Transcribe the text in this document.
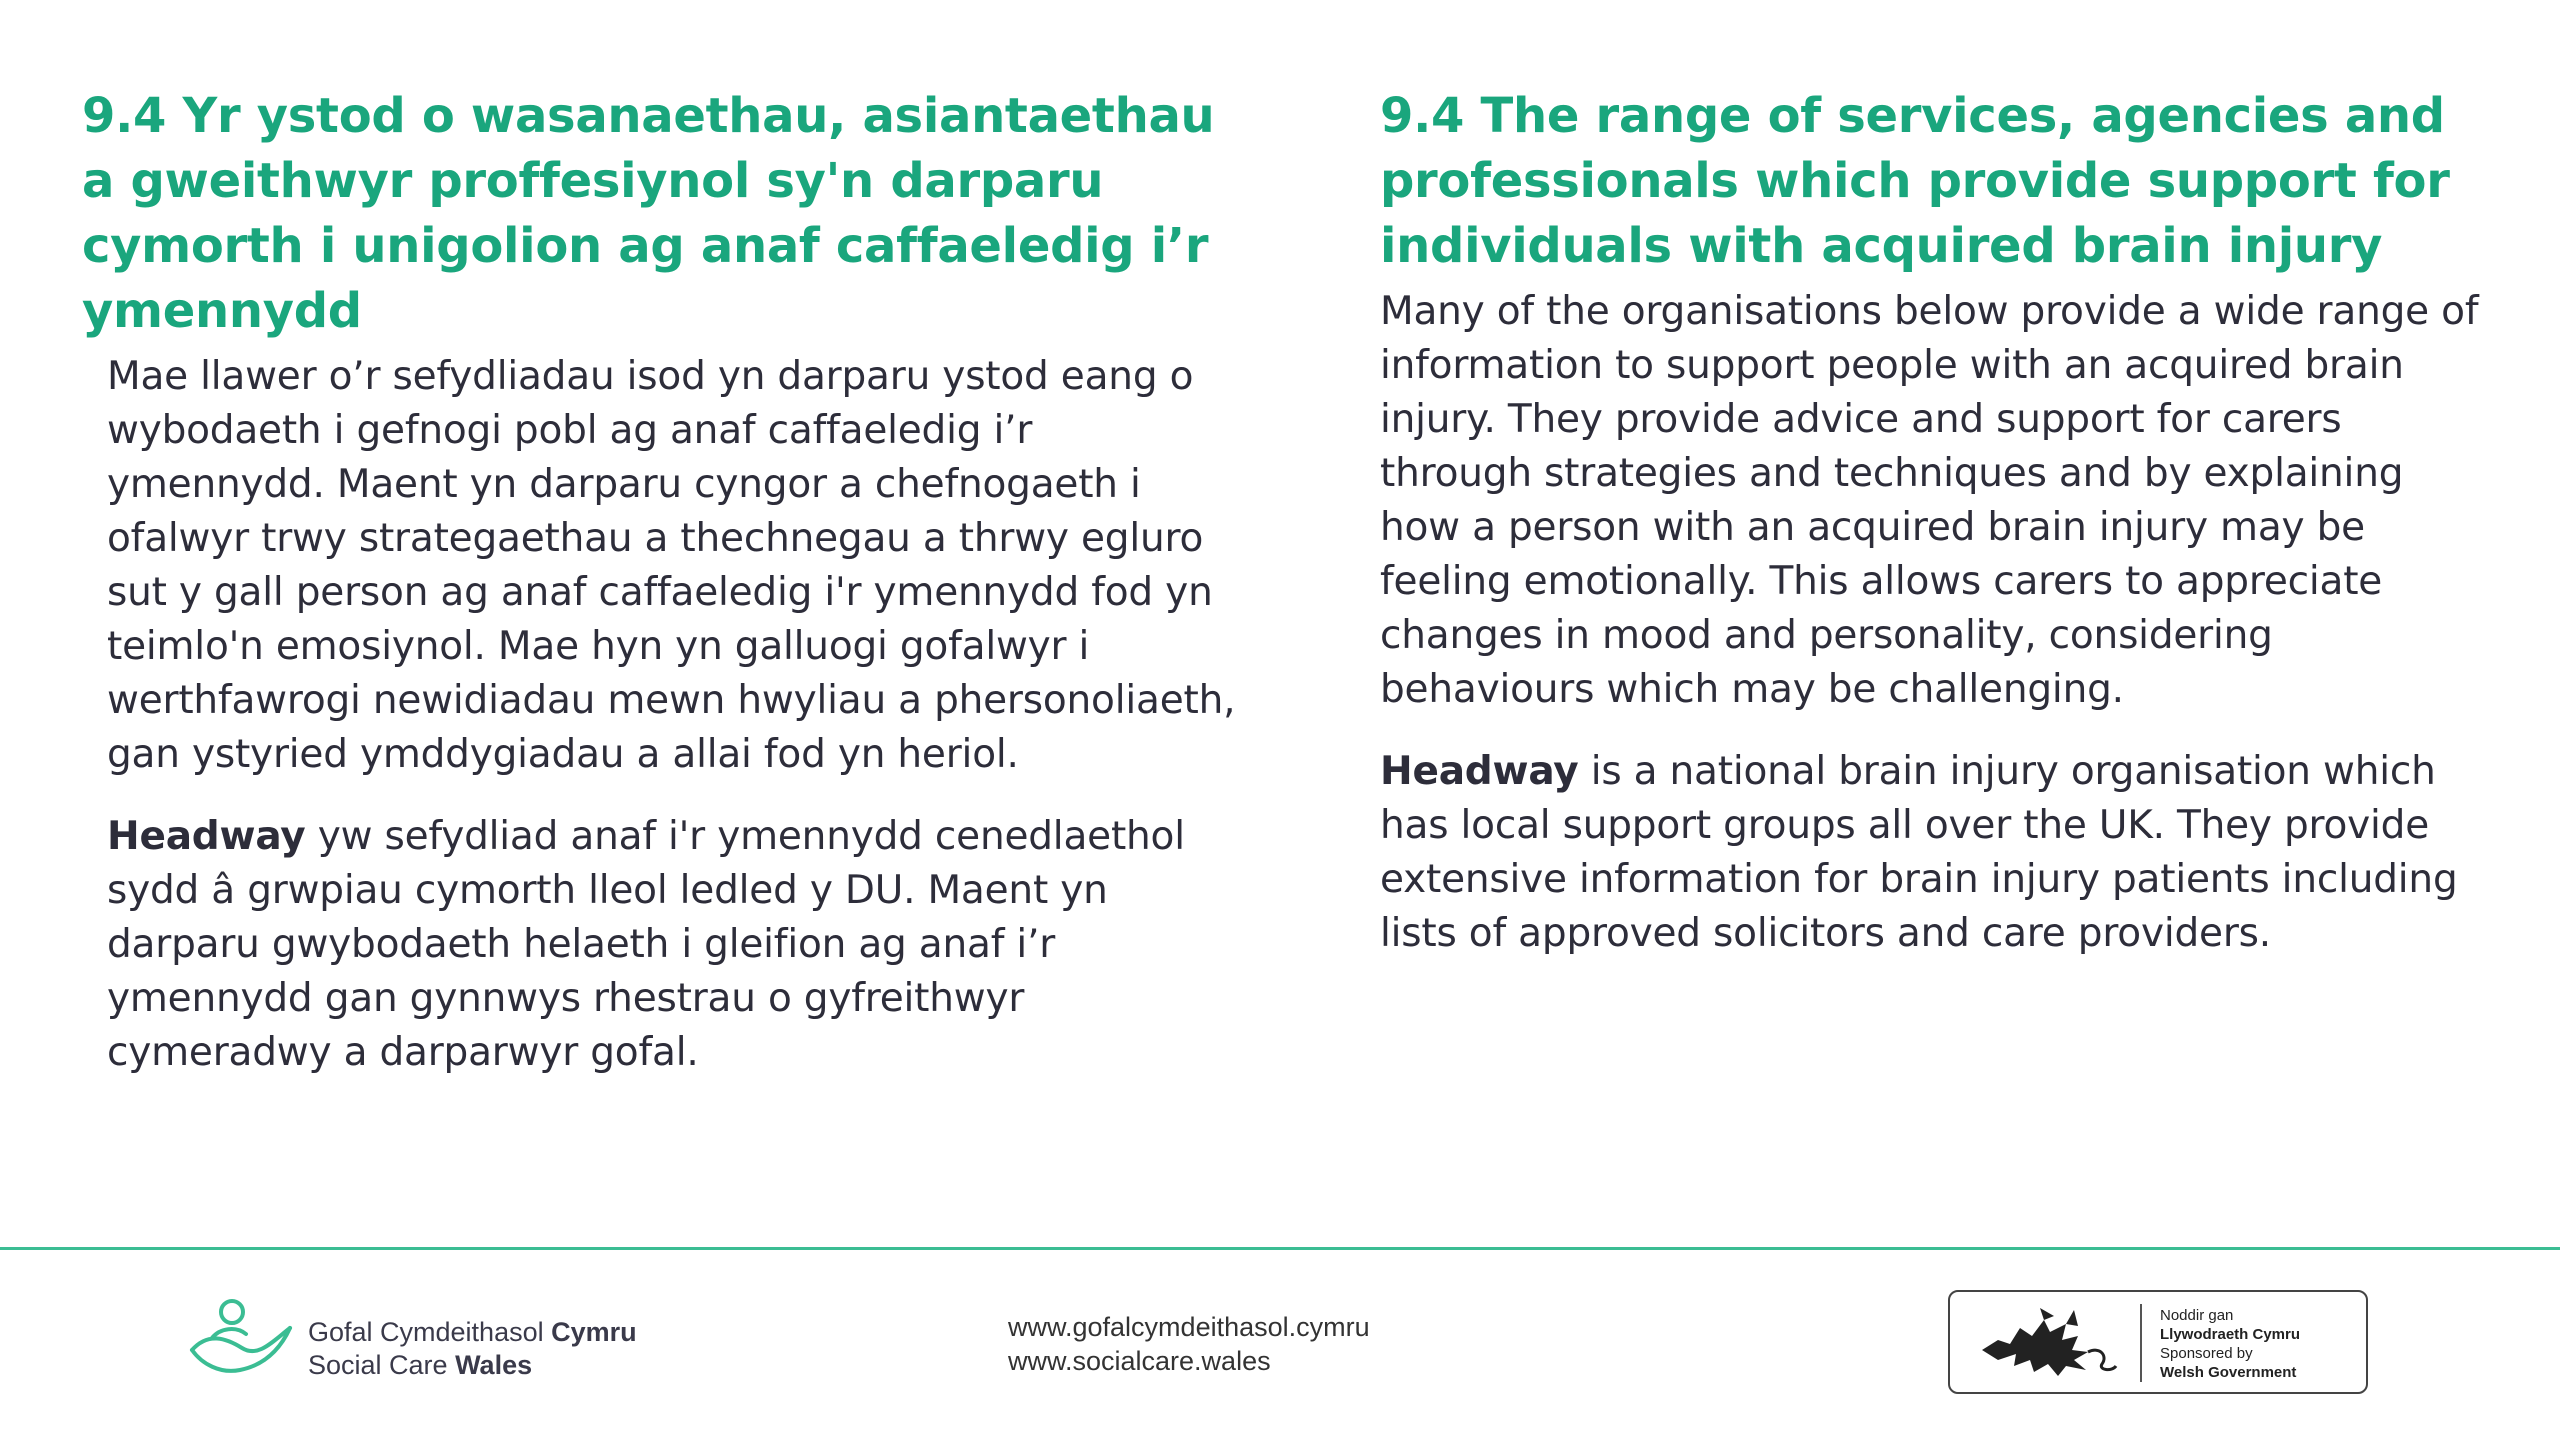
9.4 Yr ystod o wasanaethau, asiantaethau a gweithwyr proffesiynol sy'n darparu cymorth i unigolion ag anaf caffaeledig i’r ymennydd

Mae llawer o’r sefydliadau isod yn darparu ystod eang o wybodaeth i gefnogi pobl ag anaf caffaeledig i’r ymennydd. Maent yn darparu cyngor a chefnogaeth i ofalwyr trwy strategaethau a thechnegau a thrwy egluro sut y gall person ag anaf caffaeledig i'r ymennydd fod yn teimlo'n emosiynol. Mae hyn yn galluogi gofalwyr i werthfawrogi newidiadau mewn hwyliau a phersonoliaeth, gan ystyried ymddygiadau a allai fod yn heriol.

Headway yw sefydliad anaf i'r ymennydd cenedlaethol sydd â grwpiau cymorth lleol ledled y DU. Maent yn darparu gwybodaeth helaeth i gleifion ag anaf i’r ymennydd gan gynnwys rhestrau o gyfreithwyr cymeradwy a darparwyr gofal.

9.4 The range of services, agencies and professionals which provide support for individuals with acquired brain injury

Many of the organisations below provide a wide range of information to support people with an acquired brain injury. They provide advice and support for carers through strategies and techniques and by explaining how a person with an acquired brain injury may be feeling emotionally. This allows carers to appreciate changes in mood and personality, considering behaviours which may be challenging.

Headway is a national brain injury organisation which has local support groups all over the UK. They provide extensive information for brain injury patients including lists of approved solicitors and care providers.

Gofal Cymdeithasol Cymru
Social Care Wales
www.gofalcymdeithasol.cymru
www.socialcare.wales
Noddir gan
Llywodraeth Cymru
Sponsored by
Welsh Government
